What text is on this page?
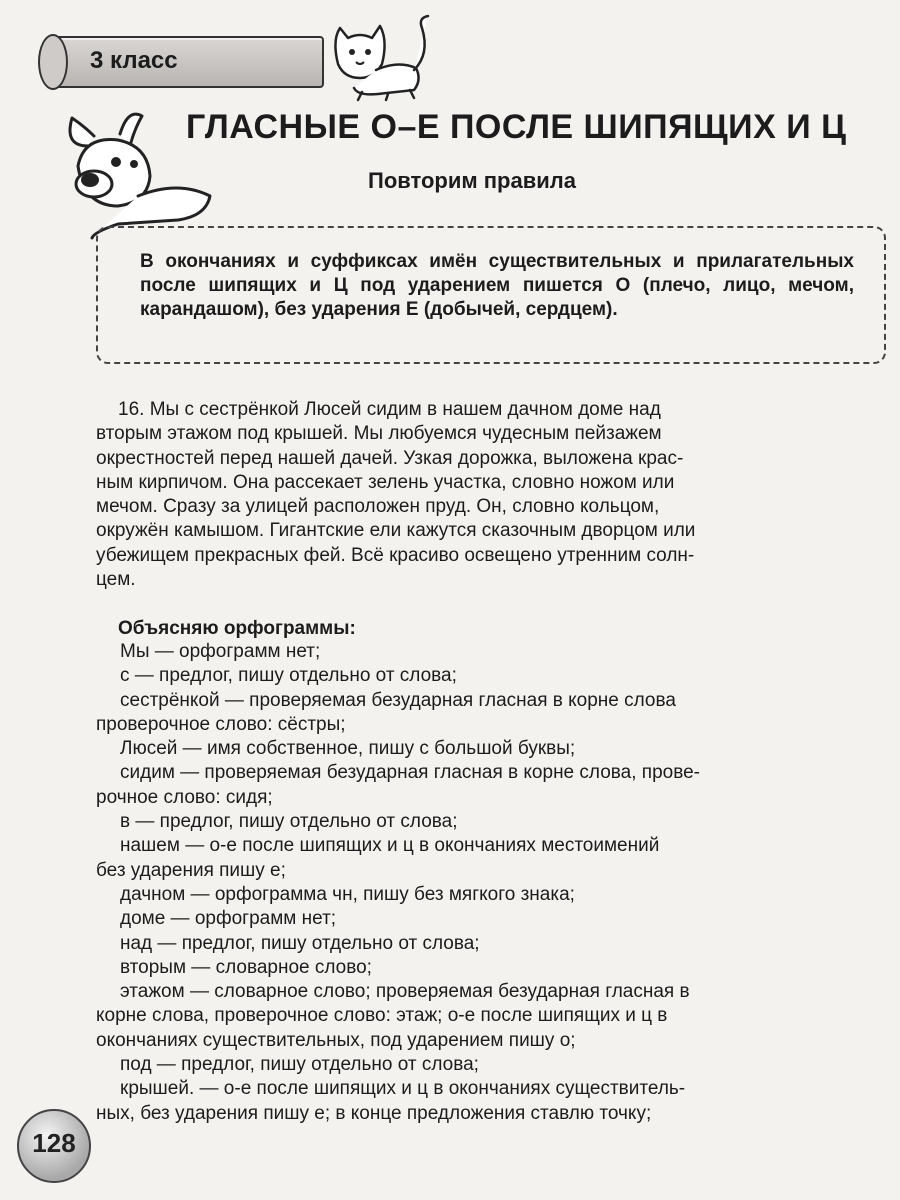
3 класс
ГЛАСНЫЕ О–Е ПОСЛЕ ШИПЯЩИХ И Ц
Повторим правила

В окончаниях и суффиксах имён существительных и прилагательных после шипящих и Ц под ударением пишется О (плечо, лицо, мечом, карандашом), без ударения Е (добычей, сердцем).

16. Мы с сестрёнкой Люсей сидим в нашем дачном доме над
вторым этажом под крышей. Мы любуемся чудесным пейзажем
окрестностей перед нашей дачей. Узкая дорожка, выложена крас-
ным кирпичом. Она рассекает зелень участка, словно ножом или
мечом. Сразу за улицей расположен пруд. Он, словно кольцом,
окружён камышом. Гигантские ели кажутся сказочным дворцом или
убежищем прекрасных фей. Всё красиво освещено утренним солн-
цем.

Объясняю орфограммы:

Мы — орфограмм нет;

с — предлог, пишу отдельно от слова;

сестрёнкой — проверяемая безударная гласная в корне слова

проверочное слово: сёстры;

Люсей — имя собственное, пишу с большой буквы;

сидим — проверяемая безударная гласная в корне слова, прове-

рочное слово: сидя;

в — предлог, пишу отдельно от слова;

нашем — о-е после шипящих и ц в окончаниях местоимений

без ударения пишу е;

дачном — орфограмма чн, пишу без мягкого знака;

доме — орфограмм нет;

над — предлог, пишу отдельно от слова;

вторым — словарное слово;

этажом — словарное слово; проверяемая безударная гласная в

корне слова, проверочное слово: этаж; о-е после шипящих и ц в

окончаниях существительных, под ударением пишу о;

под — предлог, пишу отдельно от слова;

крышей. — о-е после шипящих и ц в окончаниях существитель-

ных, без ударения пишу е; в конце предложения ставлю точку;

128
